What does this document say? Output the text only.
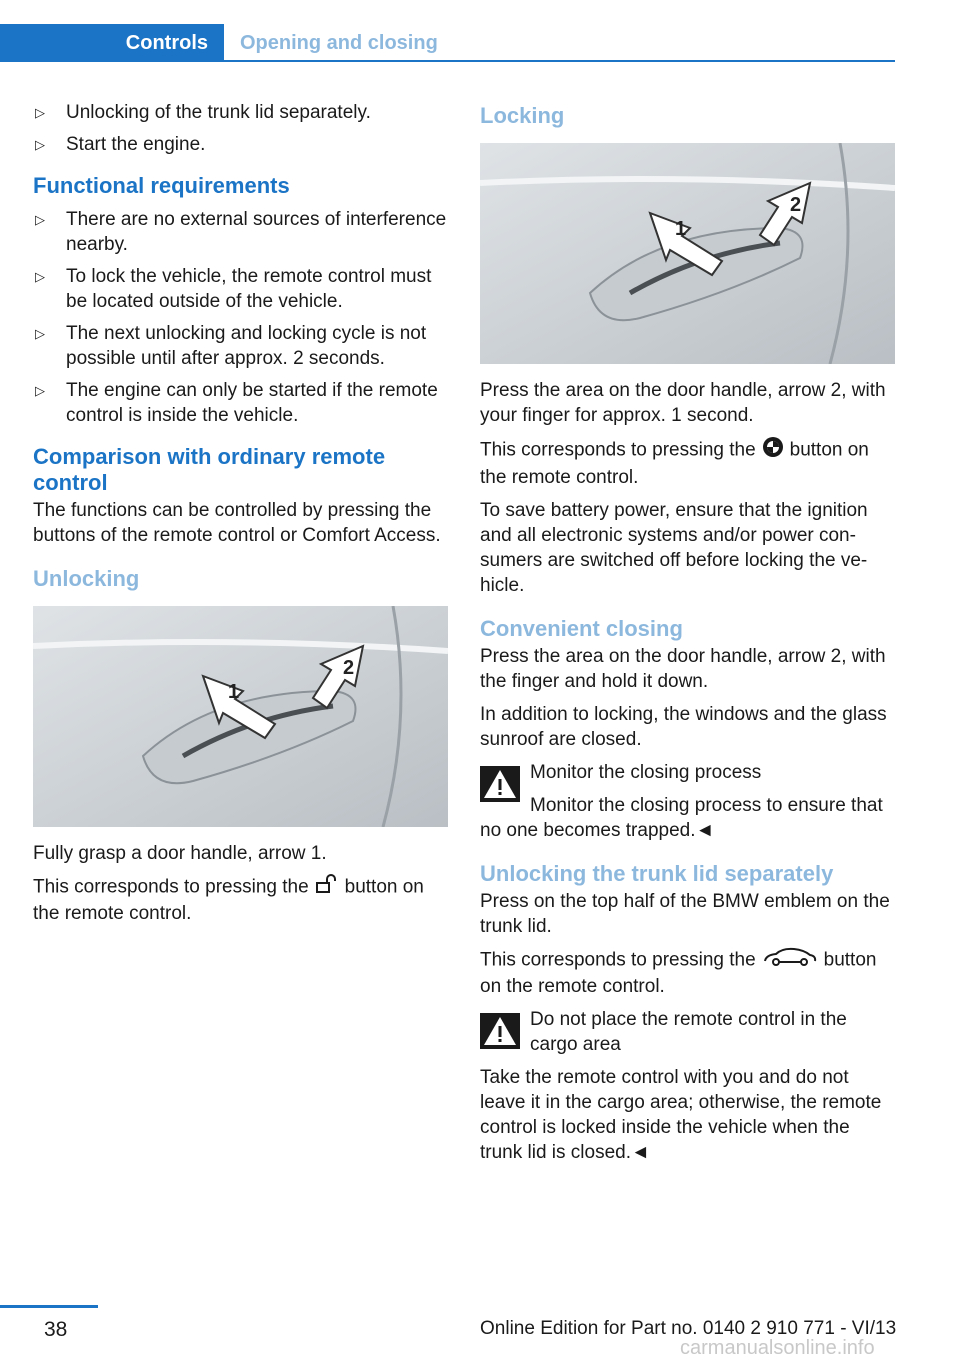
Controls	Opening and closing
▷ Unlocking of the trunk lid separately.
▷ Start the engine.
Functional requirements
▷ There are no external sources of interference nearby.
▷ To lock the vehicle, the remote control must be located outside of the vehicle.
▷ The next unlocking and locking cycle is not possible until after approx. 2 seconds.
▷ The engine can only be started if the remote control is inside the vehicle.
Comparison with ordinary remote control

The functions can be controlled by pressing the buttons of the remote control or Comfort Access.

Unlocking
1
2

Fully grasp a door handle, arrow 1.

This corresponds to pressing the button on the remote control.

Locking
1
2

Press the area on the door handle, arrow 2, with your finger for approx. 1 second.

This corresponds to pressing the button on the remote control.

To save battery power, ensure that the ignition and all electronic systems and/or power consumers are switched off before locking the vehicle.

Convenient closing

Press the area on the door handle, arrow 2, with the finger and hold it down.

In addition to locking, the windows and the glass sunroof are closed.

Monitor the closing process

Monitor the closing process to ensure that no one becomes trapped.◄

Unlocking the trunk lid separately

Press on the top half of the BMW emblem on the trunk lid.

This corresponds to pressing the	button on the remote control.

Do not place the remote control in the cargo area

Take the remote control with you and do not leave it in the cargo area; otherwise, the remote control is locked inside the vehicle when the trunk lid is closed.◄

38	Online Edition for Part no. 0140 2 910 771 - VI/13
carmanualsonline.info
